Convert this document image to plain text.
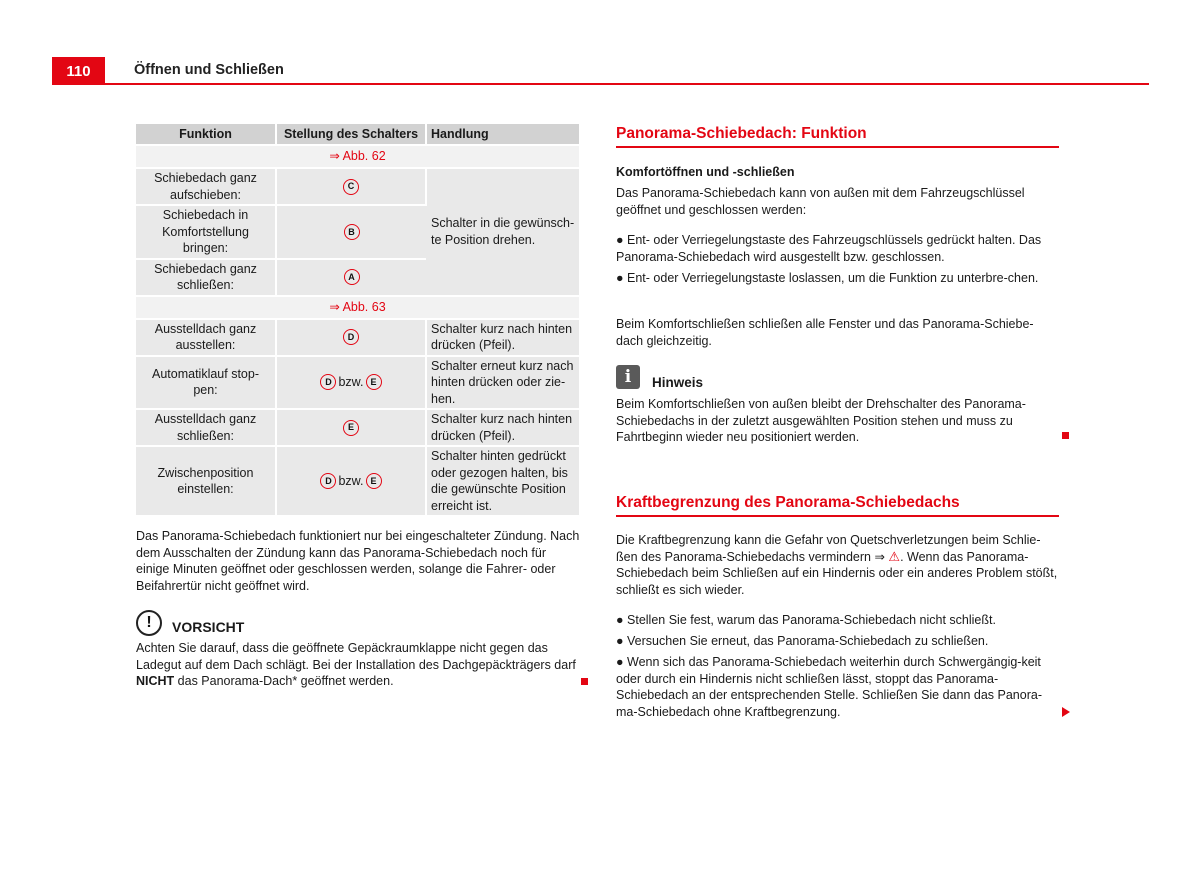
110	Öffnen und Schließen
Funktion	Stellung des Schalters	Handlung
⇒ Abb. 62		
Schiebedach ganz aufschieben:	C	Schalter in die gewünsch-te Position drehen.
Schiebedach in Komfortstellung bringen:	B	
Schiebedach ganz schließen:	A	
⇒ Abb. 63		
Ausstelldach ganz ausstellen:	D	Schalter kurz nach hinten drücken (Pfeil).
Automatiklauf stop-pen:	D bzw. E	Schalter erneut kurz nach hinten drücken oder zie-hen.
Ausstelldach ganz schließen:	E	Schalter kurz nach hinten drücken (Pfeil).
Zwischenposition einstellen:	D bzw. E	Schalter hinten gedrückt oder gezogen halten, bis die gewünschte Position erreicht ist.
Das Panorama-Schiebedach funktioniert nur bei eingeschalteter Zündung. Nach dem Ausschalten der Zündung kann das Panorama-Schiebedach noch für einige Minuten geöffnet oder geschlossen werden, solange die Fahrer- oder Beifahrertür nicht geöffnet wird.
!	VORSICHT
Achten Sie darauf, dass die geöffnete Gepäckraumklappe nicht gegen das Ladegut auf dem Dach schlägt. Bei der Installation des Dachgepäckträgers darf NICHT das Panorama-Dach* geöffnet werden.
Panorama-Schiebedach: Funktion
Komfortöffnen und -schließen
Das Panorama-Schiebedach kann von außen mit dem Fahrzeugschlüssel geöffnet und geschlossen werden:
● Ent- oder Verriegelungstaste des Fahrzeugschlüssels gedrückt halten. Das Panorama-Schiebedach wird ausgestellt bzw. geschlossen.
● Ent- oder Verriegelungstaste loslassen, um die Funktion zu unterbre-chen.
Beim Komfortschließen schließen alle Fenster und das Panorama-Schiebe-dach gleichzeitig.
i	Hinweis
Beim Komfortschließen von außen bleibt der Drehschalter des Panorama-Schiebedachs in der zuletzt ausgewählten Position stehen und muss zu Fahrtbeginn wieder neu positioniert werden.
Kraftbegrenzung des Panorama-Schiebedachs
Die Kraftbegrenzung kann die Gefahr von Quetschverletzungen beim Schlie-ßen des Panorama-Schiebedachs vermindern ⇒ ⚠. Wenn das Panorama-Schiebedach beim Schließen auf ein Hindernis oder ein anderes Problem stößt, schließt es sich wieder.
● Stellen Sie fest, warum das Panorama-Schiebedach nicht schließt.
● Versuchen Sie erneut, das Panorama-Schiebedach zu schließen.
● Wenn sich das Panorama-Schiebedach weiterhin durch Schwergängig-keit oder durch ein Hindernis nicht schließen lässt, stoppt das Panorama-Schiebedach an der entsprechenden Stelle. Schließen Sie dann das Panora-ma-Schiebedach ohne Kraftbegrenzung.
